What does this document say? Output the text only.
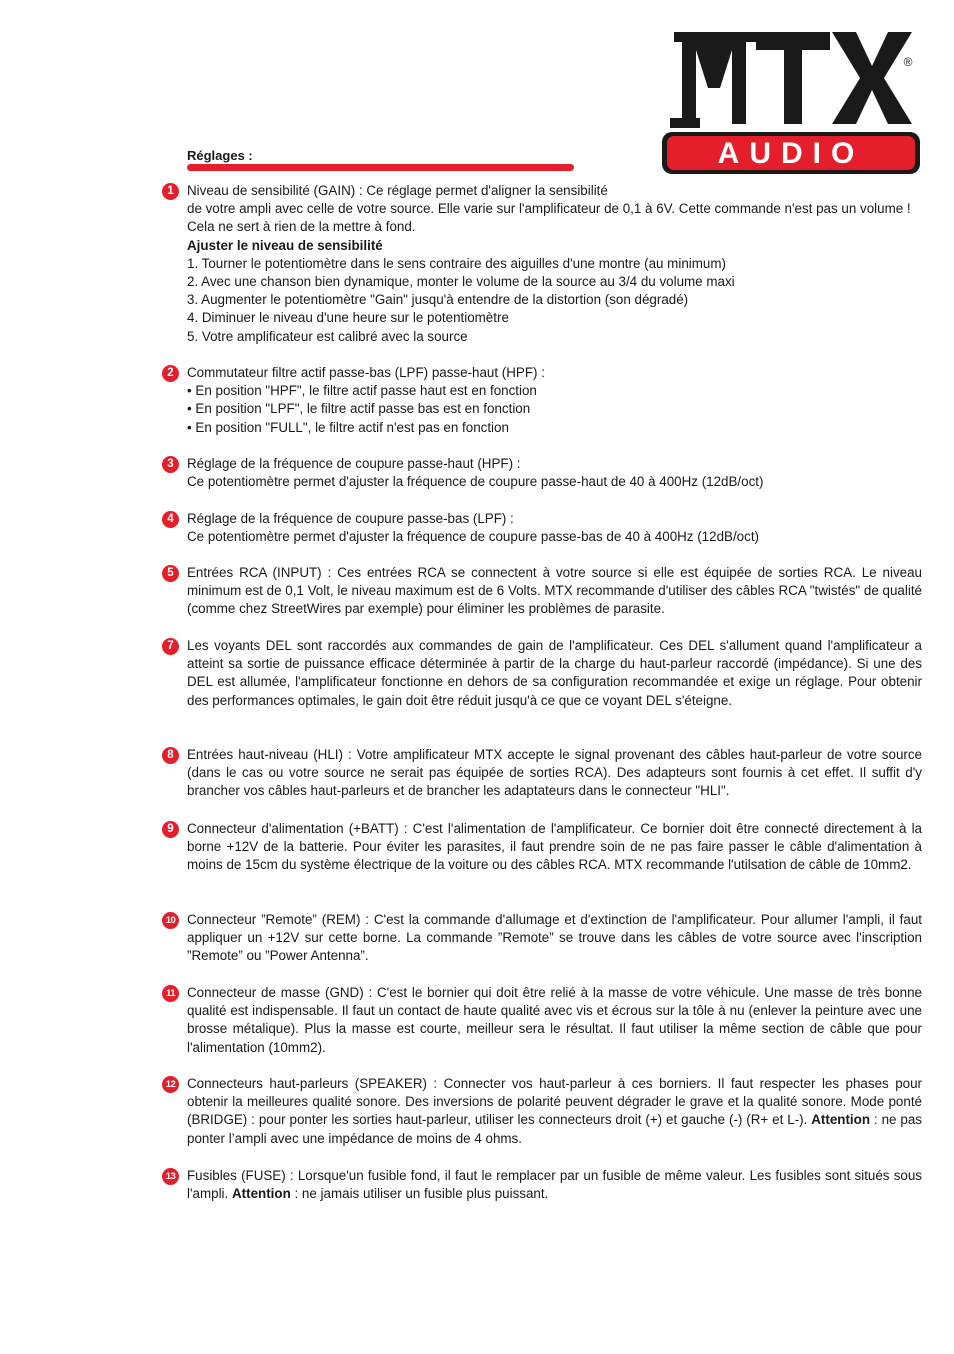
®
AUDIO
Réglages :
1 Niveau de sensibilité (GAIN) : Ce réglage permet d'aligner la sensibilité

de votre ampli avec celle de votre source. Elle varie sur l'amplificateur de 0,1 à 6V. Cette commande n'est pas un volume ! Cela ne sert à rien de la mettre à fond.

Ajuster le niveau de sensibilité

1. Tourner le potentiomètre dans le sens contraire des aiguilles d'une montre (au minimum)

2. Avec une chanson bien dynamique, monter le volume de la source au 3/4 du volume maxi

3. Augmenter le potentiomètre "Gain" jusqu'à entendre de la distortion (son dégradé)

4. Diminuer le niveau d'une heure sur le potentiomètre

5. Votre amplificateur est calibré avec la source

2 Commutateur filtre actif passe-bas (LPF) passe-haut (HPF) :

• En position "HPF", le filtre actif passe haut est en fonction

• En position "LPF", le filtre actif passe bas est en fonction

• En position "FULL", le filtre actif n'est pas en fonction

3 Réglage de la fréquence de coupure passe-haut (HPF) :

Ce potentiomètre permet d'ajuster la fréquence de coupure passe-haut de 40 à 400Hz (12dB/oct)

4 Réglage de la fréquence de coupure passe-bas (LPF) :

Ce potentiomètre permet d'ajuster la fréquence de coupure passe-bas de 40 à 400Hz (12dB/oct)

5 Entrées RCA (INPUT) : Ces entrées RCA se connectent à votre source si elle est équipée de sorties RCA. Le niveau minimum est de 0,1 Volt, le niveau maximum est de 6 Volts. MTX recommande d'utiliser des câbles RCA "twistés" de qualité (comme chez StreetWires par exemple) pour éliminer les problèmes de parasite.

7 Les voyants DEL sont raccordés aux commandes de gain de l'amplificateur. Ces DEL s'allument quand l'amplificateur a atteint sa sortie de puissance efficace déterminée à partir de la charge du haut-parleur raccordé (impédance). Si une des DEL est allumée, l'amplificateur fonctionne en dehors de sa configuration recommandée et exige un réglage. Pour obtenir des performances optimales, le gain doit être réduit jusqu'à ce que ce voyant DEL s'éteigne.

8 Entrées haut-niveau (HLI) : Votre amplificateur MTX accepte le signal provenant des câbles haut-parleur de votre source (dans le cas ou votre source ne serait pas équipée de sorties RCA). Des adapteurs sont fournis à cet effet. Il suffit d'y brancher vos câbles haut-parleurs et de brancher les adaptateurs dans le connecteur "HLI".

9 Connecteur d'alimentation (+BATT) : C'est l'alimentation de l'amplificateur. Ce bornier doit être connecté directement à la borne +12V de la batterie. Pour éviter les parasites, il faut prendre soin de ne pas faire passer le câble d'alimentation à moins de 15cm du système électrique de la voiture ou des câbles RCA. MTX recommande l'utilsation de câble de 10mm2.

10 Connecteur ”Remote” (REM) : C'est la commande d'allumage et d'extinction de l'amplificateur. Pour allumer l'ampli, il faut appliquer un +12V sur cette borne. La commande ”Remote” se trouve dans les câbles de votre source avec l'inscription ”Remote” ou ”Power Antenna”.

11 Connecteur de masse (GND) : C'est le bornier qui doit être relié à la masse de votre véhicule. Une masse de très bonne qualité est indispensable. Il faut un contact de haute qualité avec vis et écrous sur la tôle à nu (enlever la peinture avec une brosse métalique). Plus la masse est courte, meilleur sera le résultat. Il faut utiliser la même section de câble que pour l'alimentation (10mm2).

12 Connecteurs haut-parleurs (SPEAKER) : Connecter vos haut-parleur à ces borniers. Il faut respecter les phases pour obtenir la meilleures qualité sonore. Des inversions de polarité peuvent dégrader le grave et la qualité sonore. Mode ponté (BRIDGE) : pour ponter les sorties haut-parleur, utiliser les connecteurs droit (+) et gauche (-) (R+ et L-). Attention : ne pas ponter l’ampli avec une impédance de moins de 4 ohms.

13 Fusibles (FUSE) : Lorsque'un fusible fond, il faut le remplacer par un fusible de même valeur. Les fusibles sont situés sous l'ampli. Attention : ne jamais utiliser un fusible plus puissant.
